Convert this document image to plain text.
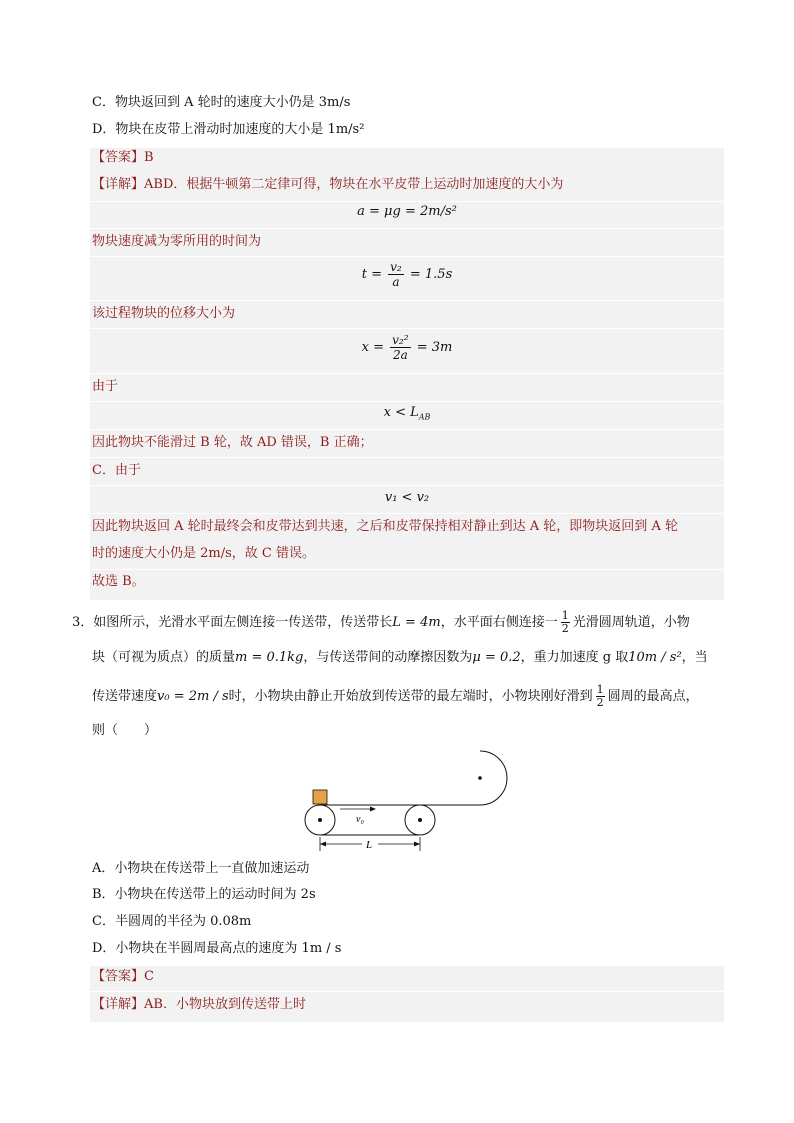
C．物块返回到 A 轮时的速度大小仍是 3m/s
D．物块在皮带上滑动时加速度的大小是 1m/s²
【答案】B
【详解】ABD．根据牛顿第二定律可得，物块在水平皮带上运动时加速度的大小为
a = μg = 2m/s²
物块速度减为零所用的时间为
$t = \frac{\text{v₂}}{a} = 1.5s$
该过程物块的位移大小为
$x = \frac{\text{v₂²}}{2a} = 3m$
由于
$x < L_{AB}$
因此物块不能滑过 B 轮，故 AD 错误，B 正确；
C．由于
v₁ < v₂
因此物块返回 A 轮时最终会和皮带达到共速，之后和皮带保持相对静止到达 A 轮，即物块返回到 A 轮
时的速度大小仍是 2m/s，故 C 错误。
故选 B。
3．如图所示，光滑水平面左侧连接一传送带，传送带长L = 4m，水平面右侧连接一 $\frac{1}{2}$ 光滑圆周轨道，小物
块（可视为质点）的质量m = 0.1kg，与传送带间的动摩擦因数为μ = 0.2，重力加速度 g 取10m / s²，当
传送带速度v₀ = 2m / s时，小物块由静止开始放到传送带的最左端时，小物块刚好滑到 $\frac{1}{2}$ 圆周的最高点，
则（　　）
v₀
L
A．小物块在传送带上一直做加速运动
B．小物块在传送带上的运动时间为 2s
C．半圆周的半径为 0.08m
D．小物块在半圆周最高点的速度为 1m / s
【答案】C
【详解】AB．小物块放到传送带上时
